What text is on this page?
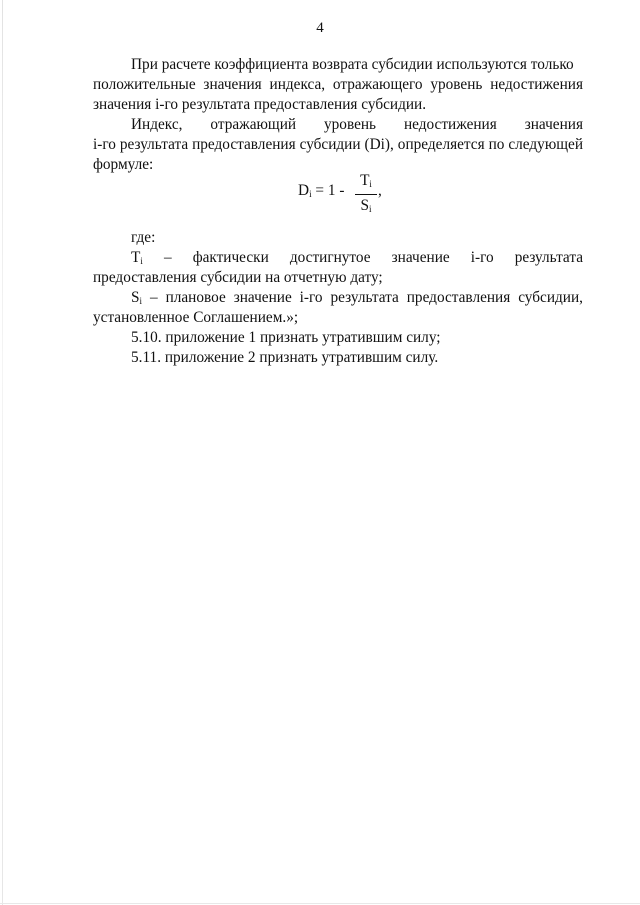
4
При расчете коэффициента возврата субсидии используются только
положительные значения индекса, отражающего уровень недостижения
значения i-го результата предоставления субсидии.
Индекс, отражающий уровень недостижения значения
i-го результата предоставления субсидии (Di), определяется по следующей
формуле:
$D_i = 1$ -
$T_i$
$S_i$
,
где:
$T_i$ – фактически достигнутое значение i-го результата
предоставления субсидии на отчетную дату;
$S_i$ – плановое значение i-го результата предоставления субсидии,
установленное Соглашением.»;
5.10. приложение 1 признать утратившим силу;
5.11. приложение 2 признать утратившим силу.
